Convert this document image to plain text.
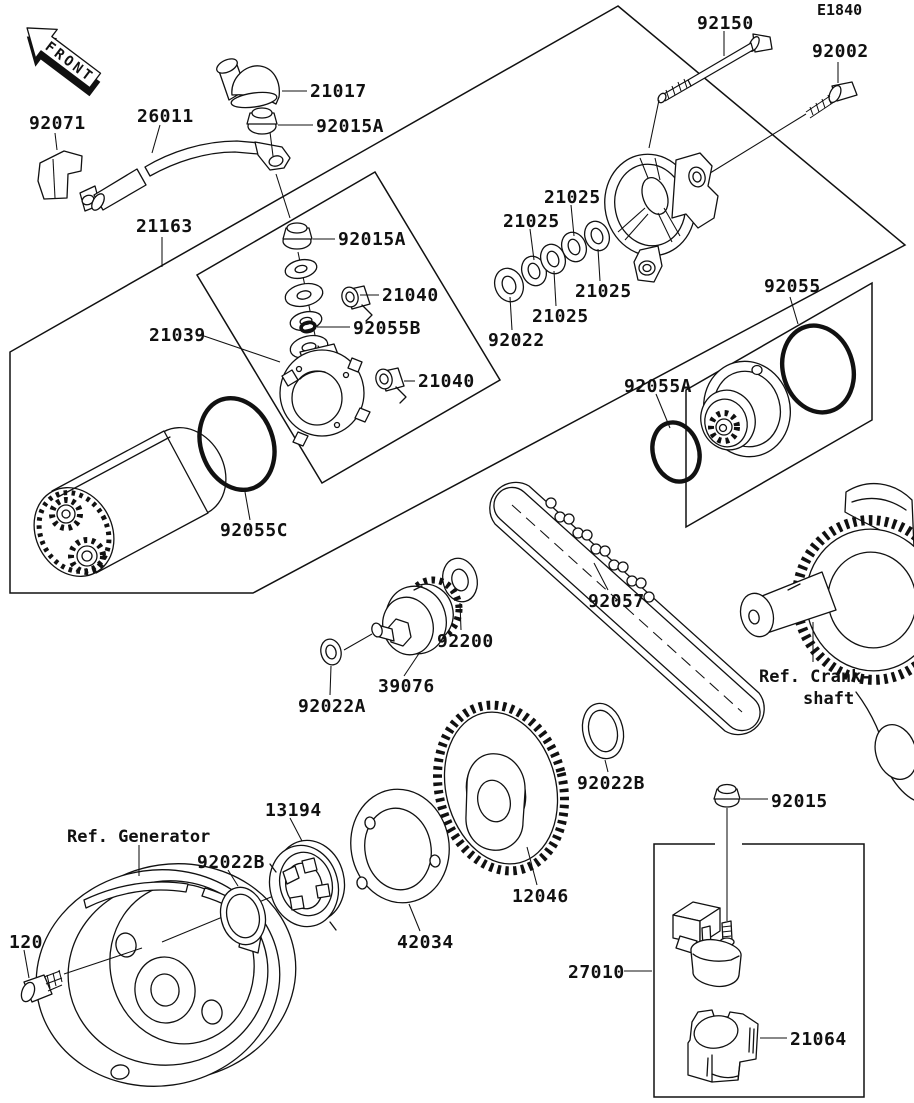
FRONT
E1840
92150
92002
21017
92015A
92071	26011
21163
92015A
21040
92055B
21039
21040
21025
21025
21025
21025
92022
92055
92055A
92055C
92057
92200
39076
92022A
Ref. Crank-
shaft
92022B
92015
13194
Ref. Generator
92022B
42034
12046
120
27010
21064
